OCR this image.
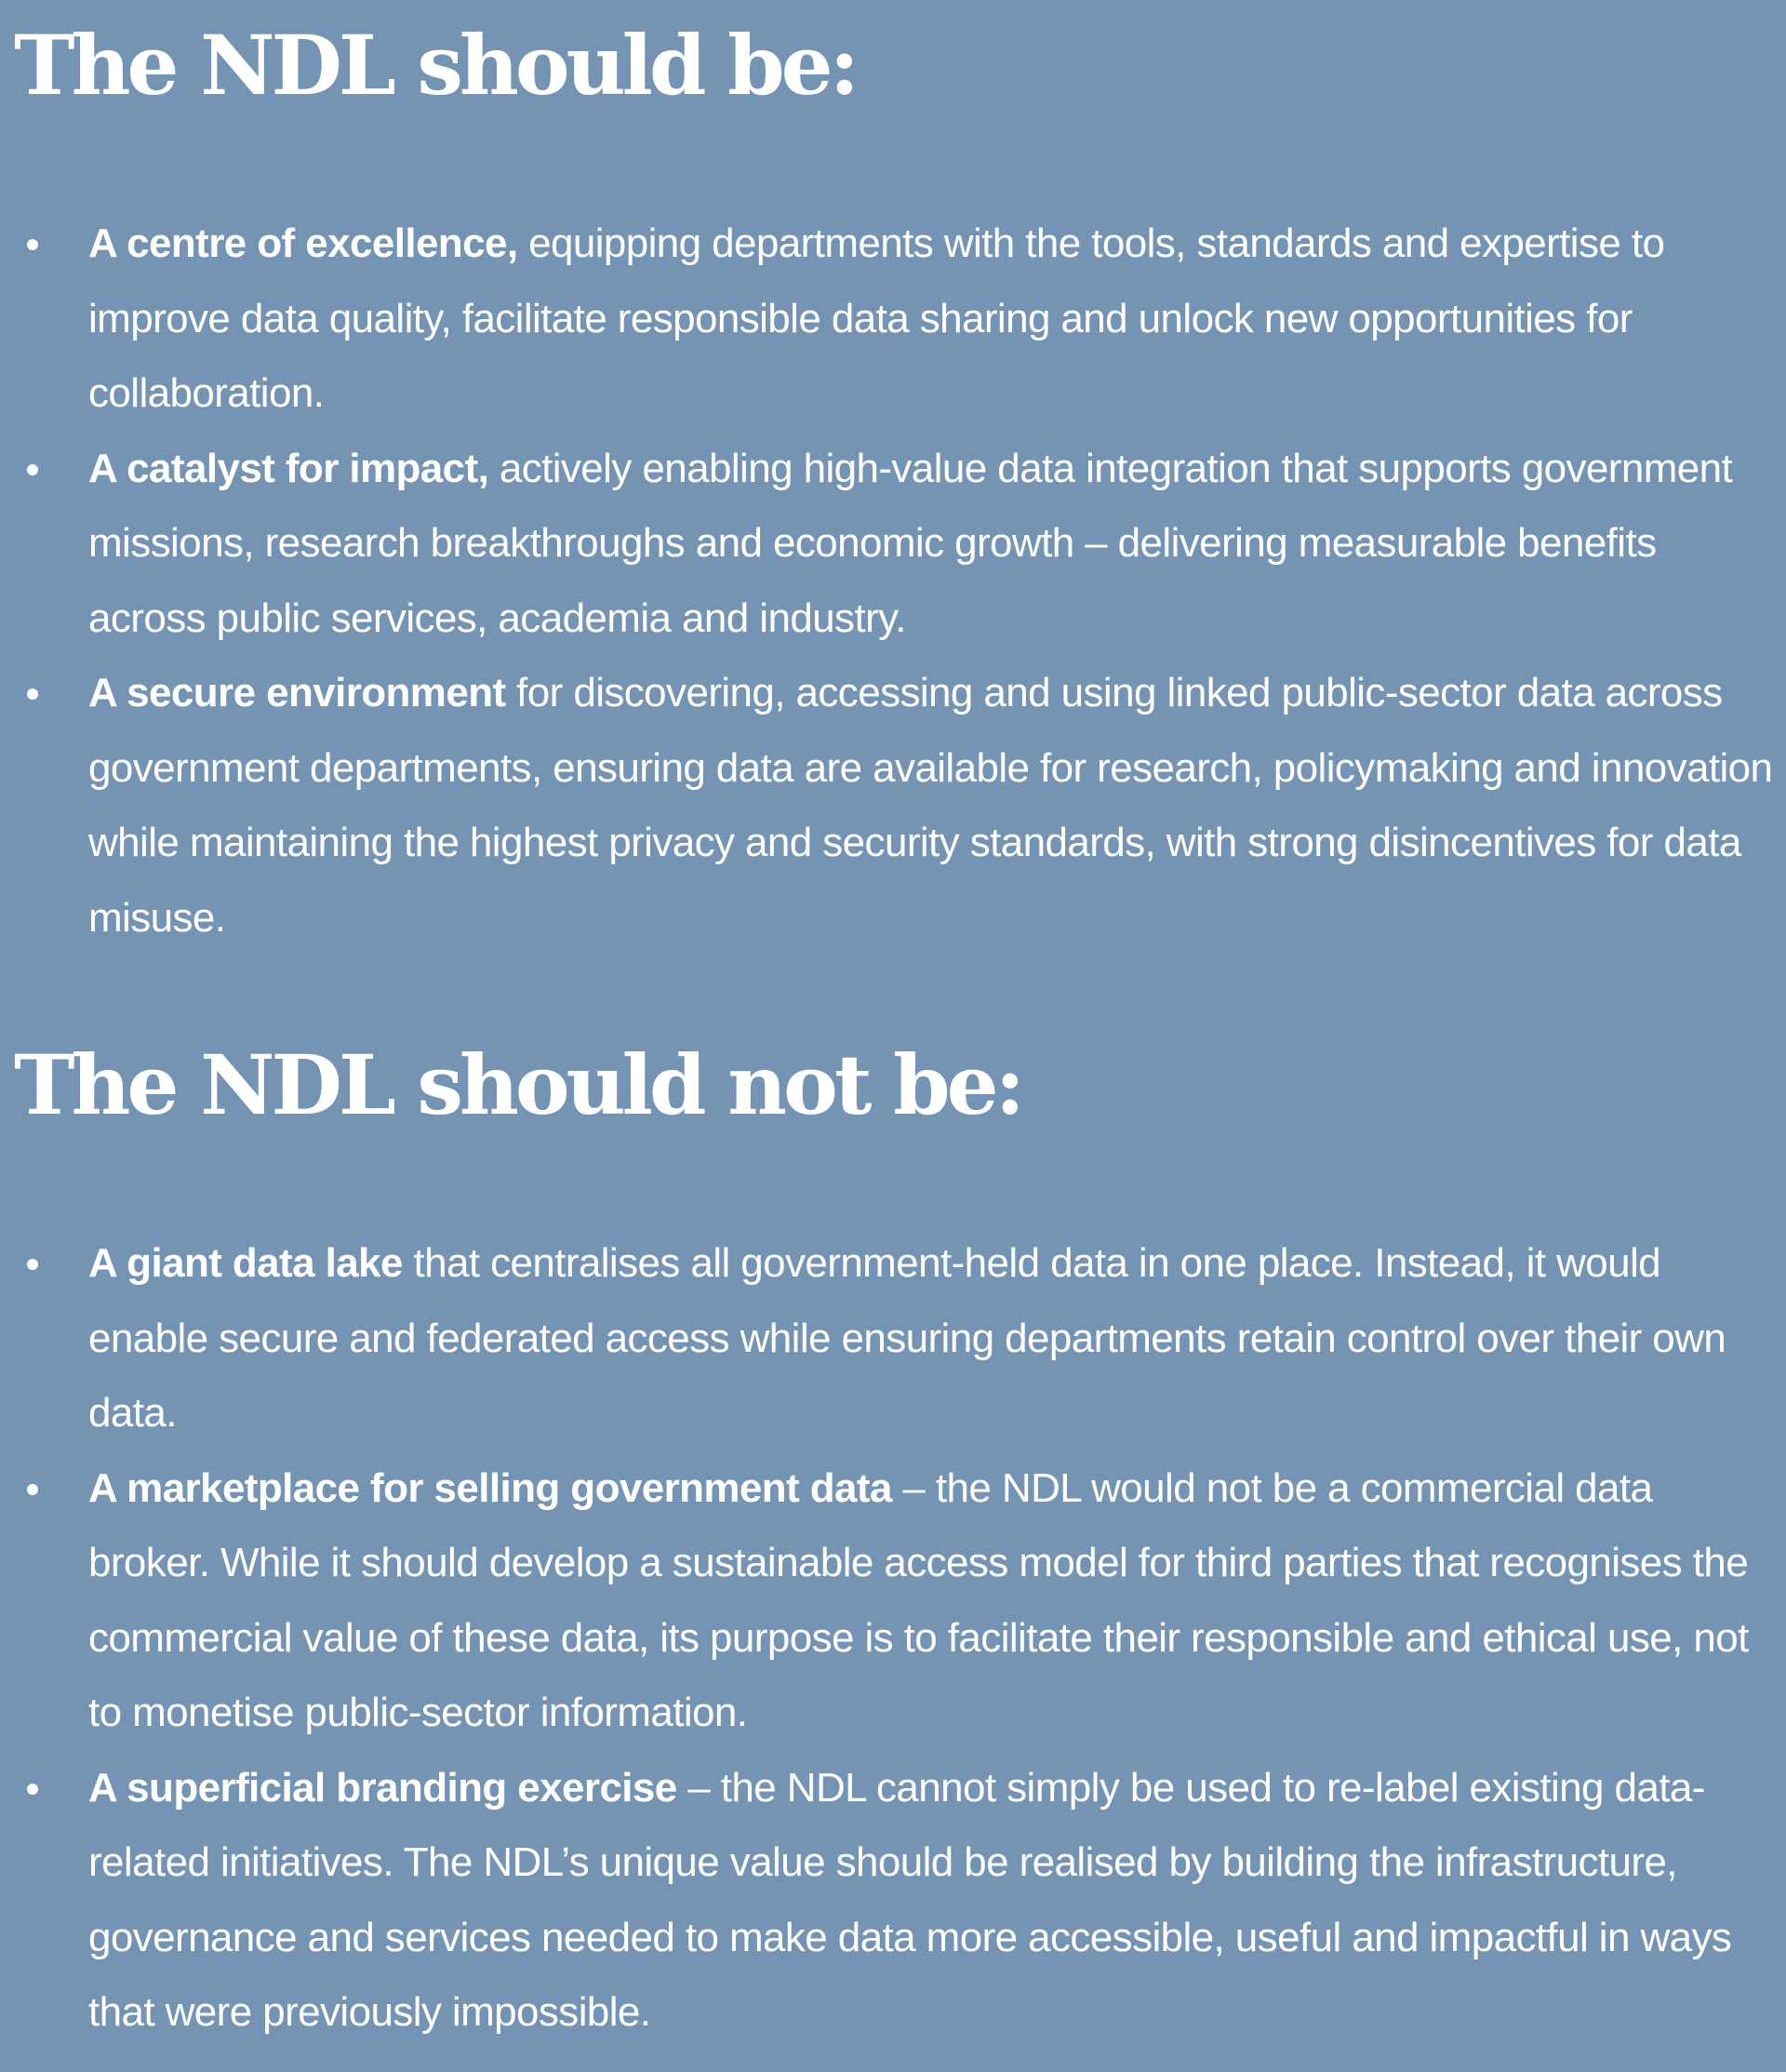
The NDL should be:
A centre of excellence, equipping departments with the tools, standards and expertise to improve data quality, facilitate responsible data sharing and unlock new opportunities for collaboration.
A catalyst for impact, actively enabling high-value data integration that supports government missions, research breakthroughs and economic growth – delivering measurable benefits across public services, academia and industry.
A secure environment for discovering, accessing and using linked public-sector data across government departments, ensuring data are available for research, policymaking and innovation while maintaining the highest privacy and security standards, with strong disincentives for data misuse.
The NDL should not be:
A giant data lake that centralises all government-held data in one place. Instead, it would enable secure and federated access while ensuring departments retain control over their own data.
A marketplace for selling government data – the NDL would not be a commercial data broker. While it should develop a sustainable access model for third parties that recognises the commercial value of these data, its purpose is to facilitate their responsible and ethical use, not to monetise public-sector information.
A superficial branding exercise – the NDL cannot simply be used to re-label existing data-related initiatives. The NDL’s unique value should be realised by building the infrastructure, governance and services needed to make data more accessible, useful and impactful in ways that were previously impossible.
